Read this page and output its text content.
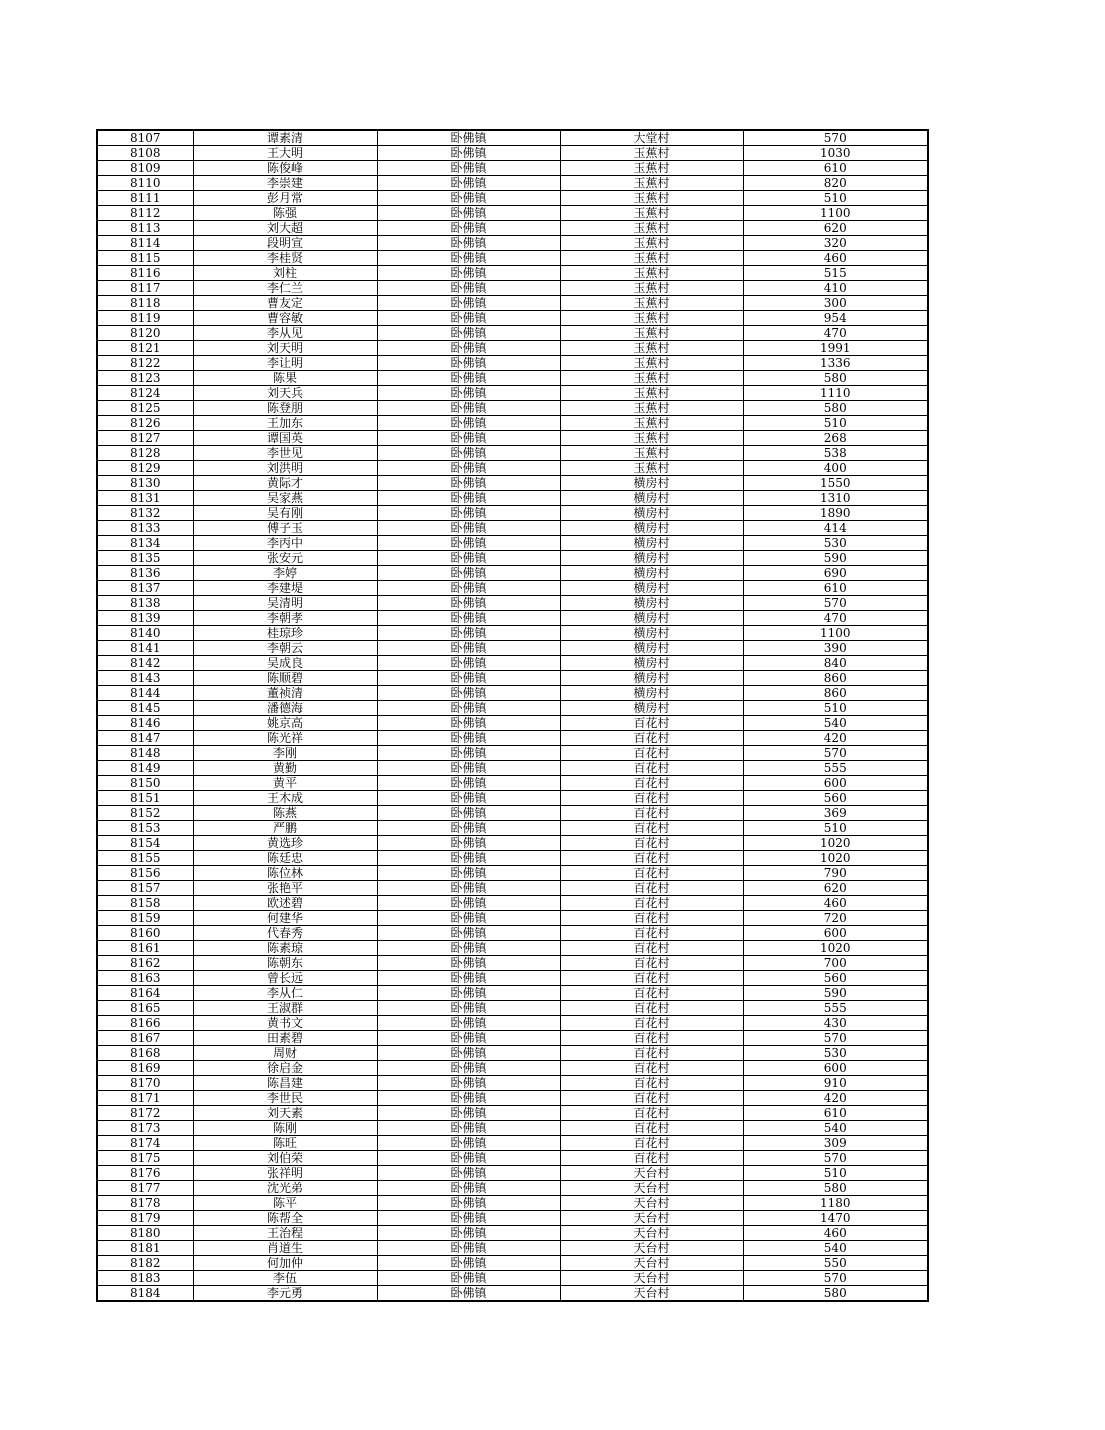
8107	谭素清	卧佛镇	大堂村	570
8108	王大明	卧佛镇	玉蕉村	1030
8109	陈俊峰	卧佛镇	玉蕉村	610
8110	李崇建	卧佛镇	玉蕉村	820
8111	彭月常	卧佛镇	玉蕉村	510
8112	陈强	卧佛镇	玉蕉村	1100
8113	刘大超	卧佛镇	玉蕉村	620
8114	段明宣	卧佛镇	玉蕉村	320
8115	李桂贤	卧佛镇	玉蕉村	460
8116	刘柱	卧佛镇	玉蕉村	515
8117	李仁兰	卧佛镇	玉蕉村	410
8118	曹友定	卧佛镇	玉蕉村	300
8119	曹容敏	卧佛镇	玉蕉村	954
8120	李从见	卧佛镇	玉蕉村	470
8121	刘天明	卧佛镇	玉蕉村	1991
8122	李让明	卧佛镇	玉蕉村	1336
8123	陈果	卧佛镇	玉蕉村	580
8124	刘天兵	卧佛镇	玉蕉村	1110
8125	陈登朋	卧佛镇	玉蕉村	580
8126	王加东	卧佛镇	玉蕉村	510
8127	谭国英	卧佛镇	玉蕉村	268
8128	李世见	卧佛镇	玉蕉村	538
8129	刘洪明	卧佛镇	玉蕉村	400
8130	黄际才	卧佛镇	横房村	1550
8131	吴家燕	卧佛镇	横房村	1310
8132	吴有刚	卧佛镇	横房村	1890
8133	傅子玉	卧佛镇	横房村	414
8134	李丙中	卧佛镇	横房村	530
8135	张安元	卧佛镇	横房村	590
8136	李婷	卧佛镇	横房村	690
8137	李建堤	卧佛镇	横房村	610
8138	吴清明	卧佛镇	横房村	570
8139	李朝孝	卧佛镇	横房村	470
8140	桂琼珍	卧佛镇	横房村	1100
8141	李朝云	卧佛镇	横房村	390
8142	吴成良	卧佛镇	横房村	840
8143	陈顺碧	卧佛镇	横房村	860
8144	董祯清	卧佛镇	横房村	860
8145	潘德海	卧佛镇	横房村	510
8146	姚京高	卧佛镇	百花村	540
8147	陈光祥	卧佛镇	百花村	420
8148	李刚	卧佛镇	百花村	570
8149	黄勤	卧佛镇	百花村	555
8150	黄平	卧佛镇	百花村	600
8151	王木成	卧佛镇	百花村	560
8152	陈燕	卧佛镇	百花村	369
8153	严鹏	卧佛镇	百花村	510
8154	黄选珍	卧佛镇	百花村	1020
8155	陈廷忠	卧佛镇	百花村	1020
8156	陈位林	卧佛镇	百花村	790
8157	张艳平	卧佛镇	百花村	620
8158	欧述碧	卧佛镇	百花村	460
8159	何建华	卧佛镇	百花村	720
8160	代春秀	卧佛镇	百花村	600
8161	陈素琼	卧佛镇	百花村	1020
8162	陈朝东	卧佛镇	百花村	700
8163	曾长远	卧佛镇	百花村	560
8164	李从仁	卧佛镇	百花村	590
8165	王淑群	卧佛镇	百花村	555
8166	黄书文	卧佛镇	百花村	430
8167	田素碧	卧佛镇	百花村	570
8168	周财	卧佛镇	百花村	530
8169	徐启金	卧佛镇	百花村	600
8170	陈昌建	卧佛镇	百花村	910
8171	李世民	卧佛镇	百花村	420
8172	刘天素	卧佛镇	百花村	610
8173	陈刚	卧佛镇	百花村	540
8174	陈旺	卧佛镇	百花村	309
8175	刘伯荣	卧佛镇	百花村	570
8176	张祥明	卧佛镇	天台村	510
8177	沈光弟	卧佛镇	天台村	580
8178	陈平	卧佛镇	天台村	1180
8179	陈帮全	卧佛镇	天台村	1470
8180	王治程	卧佛镇	天台村	460
8181	肖道生	卧佛镇	天台村	540
8182	何加仲	卧佛镇	天台村	550
8183	李伍	卧佛镇	天台村	570
8184	李元勇	卧佛镇	天台村	580
